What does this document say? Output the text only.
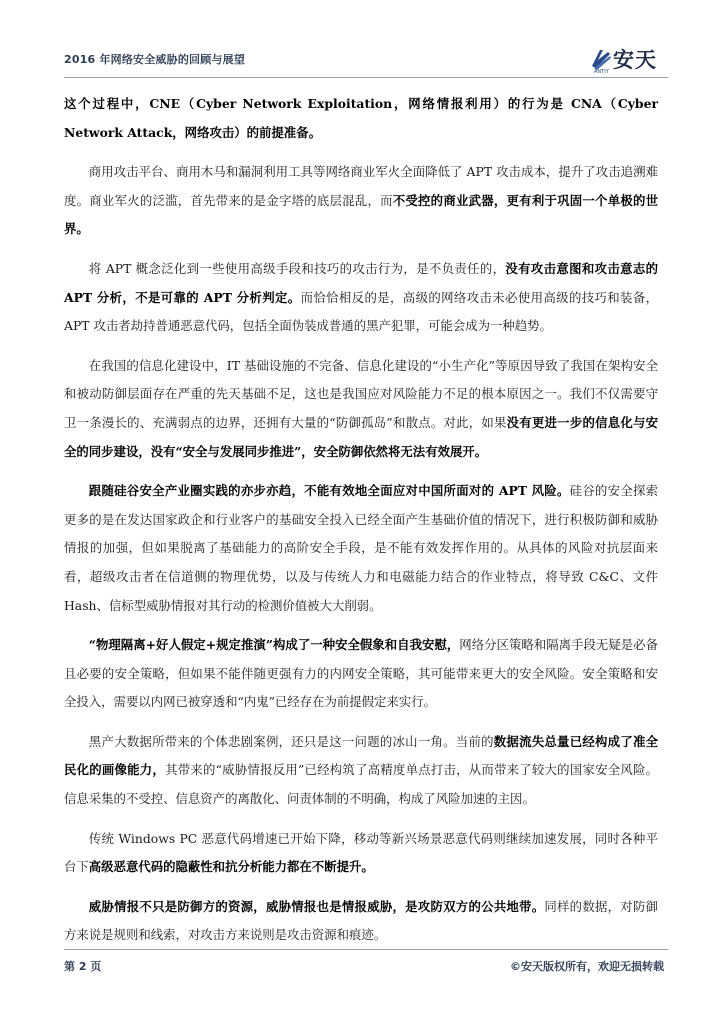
2016 年网络安全威胁的回顾与展望
ANTIY 安天

这个过程中，CNE（Cyber Network Exploitation，网络情报利用）的行为是 CNA（Cyber Network Attack，网络攻击）的前提准备。

商用攻击平台、商用木马和漏洞利用工具等网络商业军火全面降低了 APT 攻击成本，提升了攻击追溯难度。商业军火的泛滥，首先带来的是金字塔的底层混乱，而不受控的商业武器，更有利于巩固一个单极的世界。

将 APT 概念泛化到一些使用高级手段和技巧的攻击行为，是不负责任的，没有攻击意图和攻击意志的 APT 分析，不是可靠的 APT 分析判定。而恰恰相反的是，高级的网络攻击未必使用高级的技巧和装备，APT 攻击者劫持普通恶意代码，包括全面伪装成普通的黑产犯罪，可能会成为一种趋势。

在我国的信息化建设中，IT 基础设施的不完备、信息化建设的“小生产化”等原因导致了我国在架构安全和被动防御层面存在严重的先天基础不足，这也是我国应对风险能力不足的根本原因之一。我们不仅需要守卫一条漫长的、充满弱点的边界，还拥有大量的“防御孤岛”和散点。对此，如果没有更进一步的信息化与安全的同步建设，没有“安全与发展同步推进”，安全防御依然将无法有效展开。

跟随硅谷安全产业圈实践的亦步亦趋，不能有效地全面应对中国所面对的 APT 风险。硅谷的安全探索更多的是在发达国家政企和行业客户的基础安全投入已经全面产生基础价值的情况下，进行积极防御和威胁情报的加强，但如果脱离了基础能力的高阶安全手段，是不能有效发挥作用的。从具体的风险对抗层面来看，超级攻击者在信道侧的物理优势，以及与传统人力和电磁能力结合的作业特点，将导致 C&C、文件 Hash、信标型威胁情报对其行动的检测价值被大大削弱。

“物理隔离+好人假定+规定推演”构成了一种安全假象和自我安慰，网络分区策略和隔离手段无疑是必备且必要的安全策略，但如果不能伴随更强有力的内网安全策略，其可能带来更大的安全风险。安全策略和安全投入，需要以内网已被穿透和“内鬼”已经存在为前提假定来实行。

黑产大数据所带来的个体悲剧案例，还只是这一问题的冰山一角。当前的数据流失总量已经构成了准全民化的画像能力，其带来的“威胁情报反用”已经构筑了高精度单点打击，从而带来了较大的国家安全风险。信息采集的不受控、信息资产的离散化、问责体制的不明确，构成了风险加速的主因。

传统 Windows PC 恶意代码增速已开始下降，移动等新兴场景恶意代码则继续加速发展，同时各种平台下高级恶意代码的隐蔽性和抗分析能力都在不断提升。

威胁情报不只是防御方的资源，威胁情报也是情报威胁，是攻防双方的公共地带。同样的数据，对防御方来说是规则和线索，对攻击方来说则是攻击资源和痕迹。

第 2 页	©安天版权所有，欢迎无损转载
